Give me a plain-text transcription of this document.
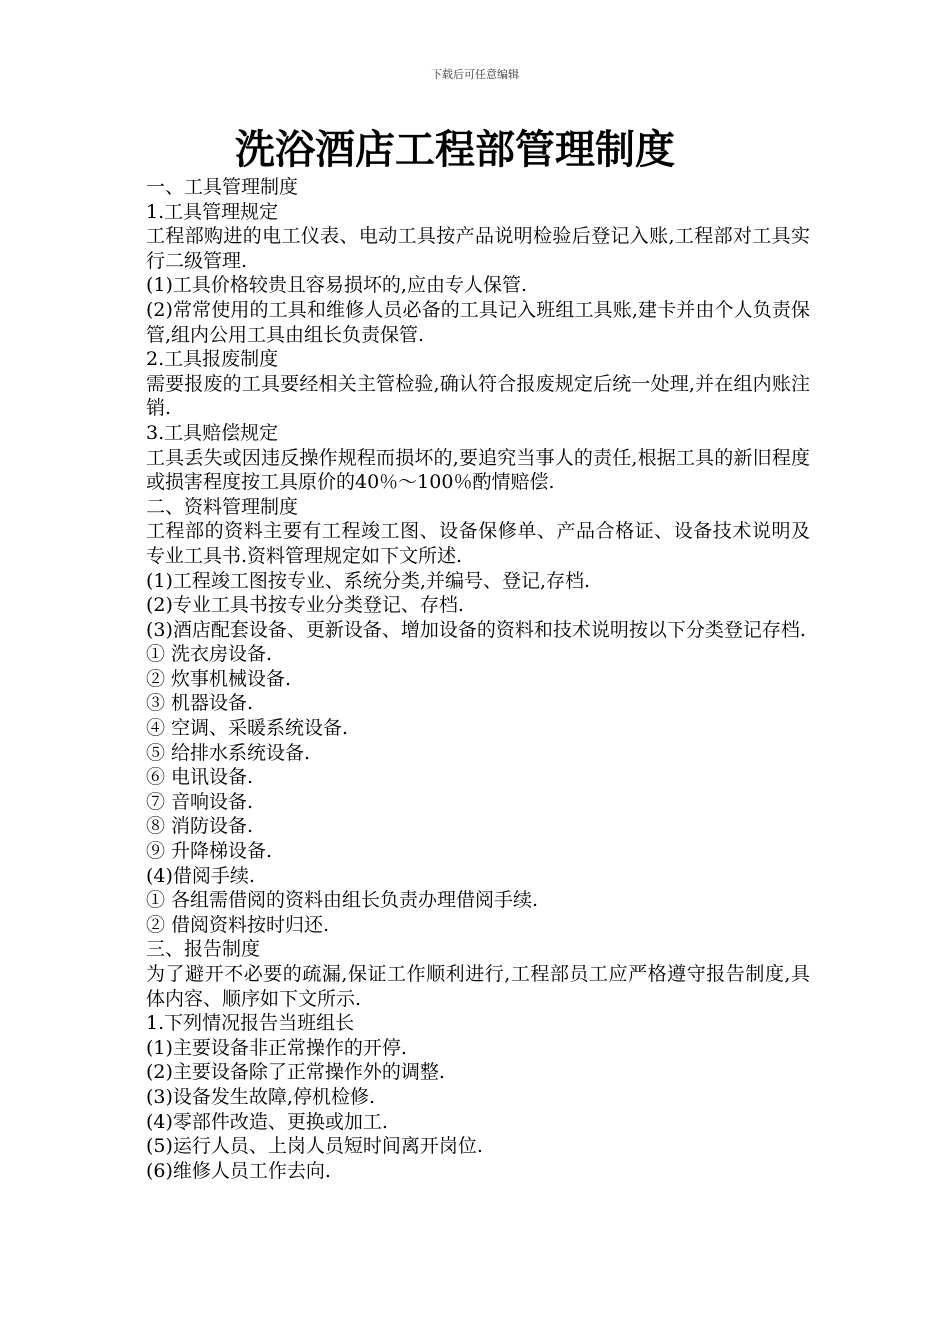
下载后可任意编辑
洗浴酒店工程部管理制度
一、工具管理制度
1.工具管理规定
工程部购进的电工仪表、电动工具按产品说明检验后登记入账,工程部对工具实行二级管理.
(1)工具价格较贵且容易损坏的,应由专人保管.
(2)常常使用的工具和维修人员必备的工具记入班组工具账,建卡并由个人负责保管,组内公用工具由组长负责保管.
2.工具报废制度
需要报废的工具要经相关主管检验,确认符合报废规定后统一处理,并在组内账注销.
3.工具赔偿规定
工具丢失或因违反操作规程而损坏的,要追究当事人的责任,根据工具的新旧程度或损害程度按工具原价的40％～100％酌情赔偿.
二、资料管理制度
工程部的资料主要有工程竣工图、设备保修单、产品合格证、设备技术说明及专业工具书.资料管理规定如下文所述.
(1)工程竣工图按专业、系统分类,并编号、登记,存档.
(2)专业工具书按专业分类登记、存档.
(3)酒店配套设备、更新设备、增加设备的资料和技术说明按以下分类登记存档.
① 洗衣房设备.
② 炊事机械设备.
③ 机器设备.
④ 空调、采暖系统设备.
⑤ 给排水系统设备.
⑥ 电讯设备.
⑦ 音响设备.
⑧ 消防设备.
⑨ 升降梯设备.
(4)借阅手续.
① 各组需借阅的资料由组长负责办理借阅手续.
② 借阅资料按时归还.
三、报告制度
为了避开不必要的疏漏,保证工作顺利进行,工程部员工应严格遵守报告制度,具体内容、顺序如下文所示.
1.下列情况报告当班组长
(1)主要设备非正常操作的开停.
(2)主要设备除了正常操作外的调整.
(3)设备发生故障,停机检修.
(4)零部件改造、更换或加工.
(5)运行人员、上岗人员短时间离开岗位.
(6)维修人员工作去向.
